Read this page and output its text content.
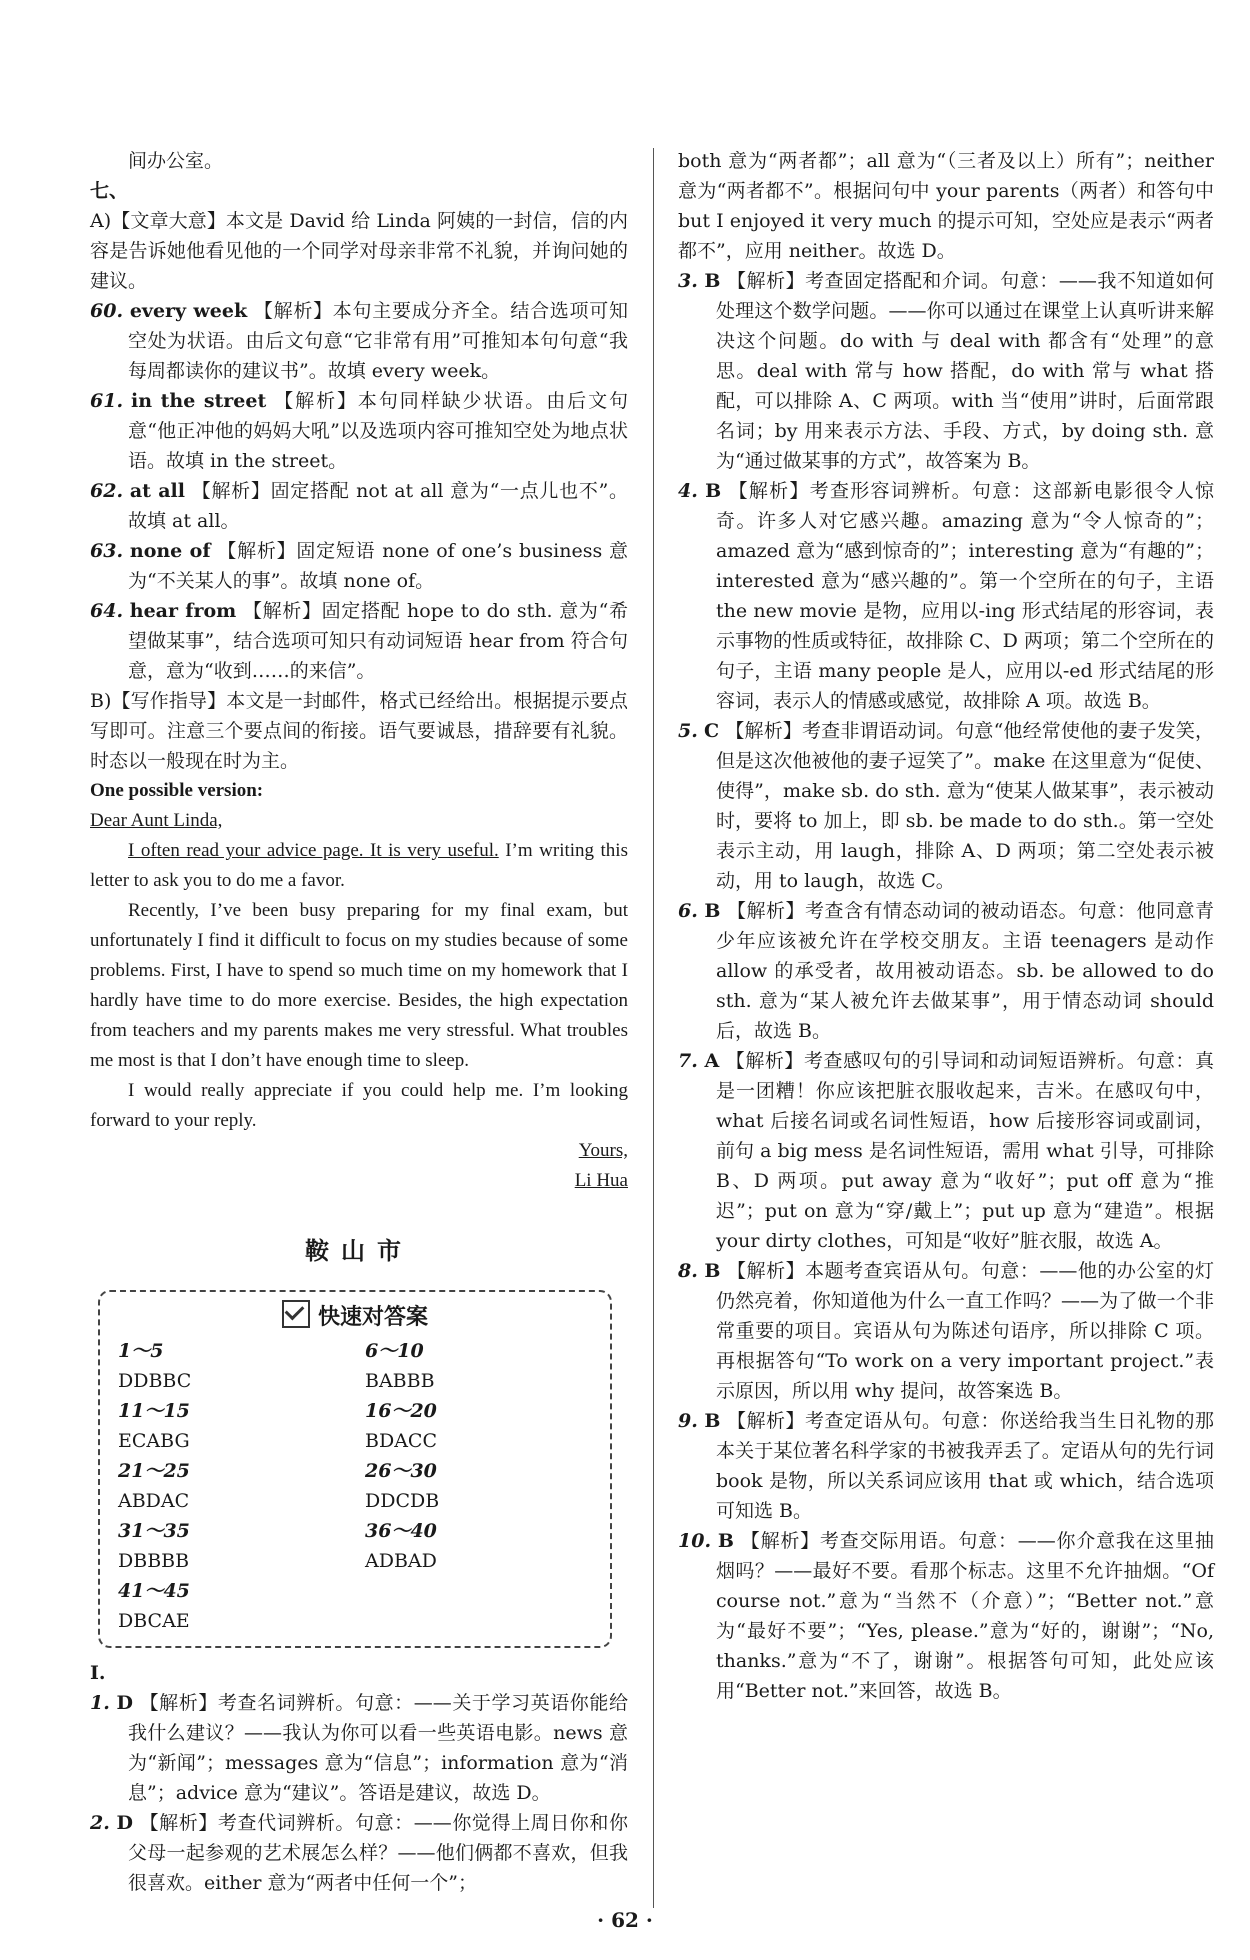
间办公室。

七、

A)【文章大意】本文是 David 给 Linda 阿姨的一封信，信的内容是告诉她他看见他的一个同学对母亲非常不礼貌，并询问她的建议。

60. every week 【解析】本句主要成分齐全。结合选项可知空处为状语。由后文句意“它非常有用”可推知本句句意“我每周都读你的建议书”。故填 every week。

61. in the street 【解析】本句同样缺少状语。由后文句意“他正冲他的妈妈大吼”以及选项内容可推知空处为地点状语。故填 in the street。

62. at all 【解析】固定搭配 not at all 意为“一点儿也不”。故填 at all。

63. none of 【解析】固定短语 none of one’s business 意为“不关某人的事”。故填 none of。

64. hear from 【解析】固定搭配 hope to do sth. 意为“希望做某事”，结合选项可知只有动词短语 hear from 符合句意，意为“收到……的来信”。

B)【写作指导】本文是一封邮件，格式已经给出。根据提示要点写即可。注意三个要点间的衔接。语气要诚恳，措辞要有礼貌。时态以一般现在时为主。

One possible version:

Dear Aunt Linda,

I often read your advice page. It is very useful. I’m writing this letter to ask you to do me a favor.

Recently, I’ve been busy preparing for my final exam, but unfortunately I find it difficult to focus on my studies because of some problems. First, I have to spend so much time on my homework that I hardly have time to do more exercise. Besides, the high expectation from teachers and my parents makes me very stressful. What troubles me most is that I don’t have enough time to sleep.

I would really appreciate if you could help me. I’m looking forward to your reply.

Yours,

Li Hua

鞍山市
快速对答案
1～5
DDBBC
6～10
BABBB
11～15
ECABG
16～20
BDACC
21～25
ABDAC
26～30
DDCDB
31～35
DBBBB
36～40
ADBAD
41～45
DBCAE

Ⅰ.

1. D 【解析】考查名词辨析。句意：——关于学习英语你能给我什么建议？——我认为你可以看一些英语电影。news 意为“新闻”；messages 意为“信息”；information 意为“消息”；advice 意为“建议”。答语是建议，故选 D。

2. D 【解析】考查代词辨析。句意：——你觉得上周日你和你父母一起参观的艺术展怎么样？——他们俩都不喜欢，但我很喜欢。either 意为“两者中任何一个”；

both 意为“两者都”；all 意为“（三者及以上）所有”；neither 意为“两者都不”。根据问句中 your parents（两者）和答句中 but I enjoyed it very much 的提示可知，空处应是表示“两者都不”，应用 neither。故选 D。

3. B 【解析】考查固定搭配和介词。句意：——我不知道如何处理这个数学问题。——你可以通过在课堂上认真听讲来解决这个问题。do with 与 deal with 都含有“处理”的意思。deal with 常与 how 搭配，do with 常与 what 搭配，可以排除 A、C 两项。with 当“使用”讲时，后面常跟名词；by 用来表示方法、手段、方式，by doing sth. 意为“通过做某事的方式”，故答案为 B。

4. B 【解析】考查形容词辨析。句意：这部新电影很令人惊奇。许多人对它感兴趣。amazing 意为“令人惊奇的”；amazed 意为“感到惊奇的”；interesting 意为“有趣的”；interested 意为“感兴趣的”。第一个空所在的句子，主语 the new movie 是物，应用以-ing 形式结尾的形容词，表示事物的性质或特征，故排除 C、D 两项；第二个空所在的句子，主语 many people 是人，应用以-ed 形式结尾的形容词，表示人的情感或感觉，故排除 A 项。故选 B。

5. C 【解析】考查非谓语动词。句意“他经常使他的妻子发笑，但是这次他被他的妻子逗笑了”。make 在这里意为“促使、使得”，make sb. do sth. 意为“使某人做某事”，表示被动时，要将 to 加上，即 sb. be made to do sth.。第一空处表示主动，用 laugh，排除 A、D 两项；第二空处表示被动，用 to laugh，故选 C。

6. B 【解析】考查含有情态动词的被动语态。句意：他同意青少年应该被允许在学校交朋友。主语 teenagers 是动作 allow 的承受者，故用被动语态。sb. be allowed to do sth. 意为“某人被允许去做某事”，用于情态动词 should 后，故选 B。

7. A 【解析】考查感叹句的引导词和动词短语辨析。句意：真是一团糟！你应该把脏衣服收起来，吉米。在感叹句中，what 后接名词或名词性短语，how 后接形容词或副词，前句 a big mess 是名词性短语，需用 what 引导，可排除 B、D 两项。put away 意为“收好”；put off 意为“推迟”；put on 意为“穿/戴上”；put up 意为“建造”。根据 your dirty clothes，可知是“收好”脏衣服，故选 A。

8. B 【解析】本题考查宾语从句。句意：——他的办公室的灯仍然亮着，你知道他为什么一直工作吗？——为了做一个非常重要的项目。宾语从句为陈述句语序，所以排除 C 项。再根据答句“To work on a very important project.”表示原因，所以用 why 提问，故答案选 B。

9. B 【解析】考查定语从句。句意：你送给我当生日礼物的那本关于某位著名科学家的书被我弄丢了。定语从句的先行词 book 是物，所以关系词应该用 that 或 which，结合选项可知选 B。

10. B 【解析】考查交际用语。句意：——你介意我在这里抽烟吗？——最好不要。看那个标志。这里不允许抽烟。“Of course not.”意为“当然不（介意）”；“Better not.”意为“最好不要”；“Yes, please.”意为“好的，谢谢”；“No, thanks.”意为“不了，谢谢”。根据答句可知，此处应该用“Better not.”来回答，故选 B。

· 62 ·
